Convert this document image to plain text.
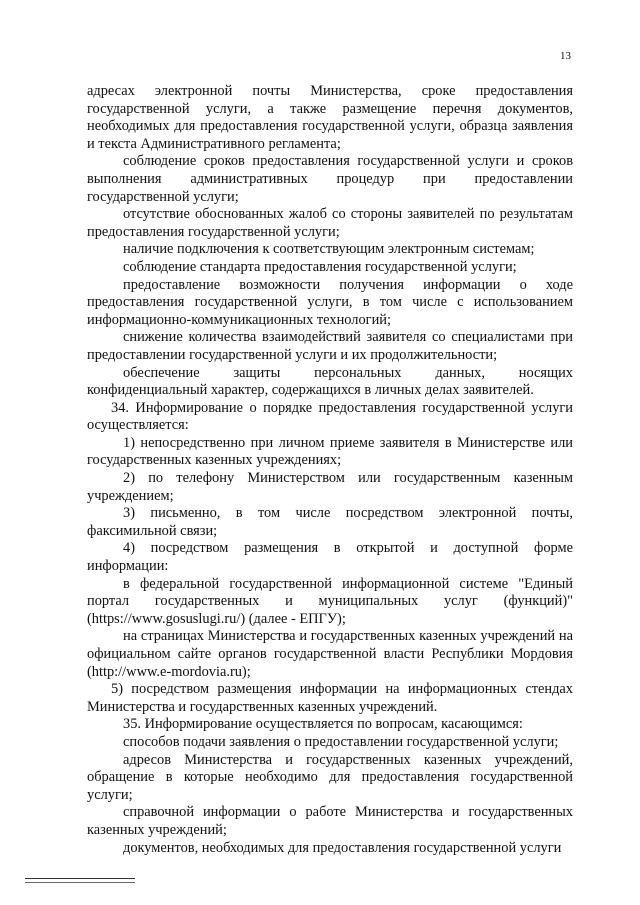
13

адресах электронной почты Министерства, сроке предоставления государственной услуги, а также размещение перечня документов, необходимых для предоставления государственной услуги, образца заявления и текста Административного регламента;

соблюдение сроков предоставления государственной услуги и сроков выполнения административных процедур при предоставлении государственной услуги;

отсутствие обоснованных жалоб со стороны заявителей по результатам предоставления государственной услуги;

наличие подключения к соответствующим электронным системам;

соблюдение стандарта предоставления государственной услуги;

предоставление возможности получения информации о ходе предоставления государственной услуги, в том числе с использованием информационно-коммуникационных технологий;

снижение количества взаимодействий заявителя со специалистами при предоставлении государственной услуги и их продолжительности;

обеспечение защиты персональных данных, носящих конфиденциальный характер, содержащихся в личных делах заявителей.

34. Информирование о порядке предоставления государственной услуги осуществляется:

1) непосредственно при личном приеме заявителя в Министерстве или государственных казенных учреждениях;

2) по телефону Министерством или государственным казенным учреждением;

3) письменно, в том числе посредством электронной почты, факсимильной связи;

4) посредством размещения в открытой и доступной форме информации:

в федеральной государственной информационной системе "Единый портал государственных и муниципальных услуг (функций)" (https://www.gosuslugi.ru/) (далее - ЕПГУ);

на страницах Министерства и государственных казенных учреждений на официальном сайте органов государственной власти Республики Мордовия (http://www.e-mordovia.ru);

5) посредством размещения информации на информационных стендах Министерства и государственных казенных учреждений.

35. Информирование осуществляется по вопросам, касающимся:

способов подачи заявления о предоставлении государственной услуги;

адресов Министерства и государственных казенных учреждений, обращение в которые необходимо для предоставления государственной услуги;

справочной информации о работе Министерства и государственных казенных учреждений;

документов, необходимых для предоставления государственной услуги
